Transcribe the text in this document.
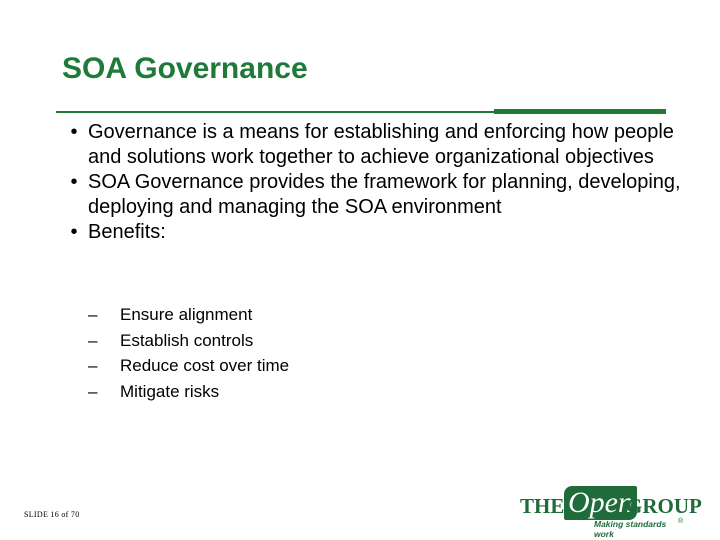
SOA Governance
• Governance is a means for establishing and enforcing how people and solutions work together to achieve organizational objectives
• SOA Governance provides the framework for planning, developing, deploying and managing the SOA environment
• Benefits:
– Ensure alignment
– Establish controls
– Reduce cost over time
– Mitigate risks
SLIDE 16 of 70	THE Open
GROUP
Making standards work
®
